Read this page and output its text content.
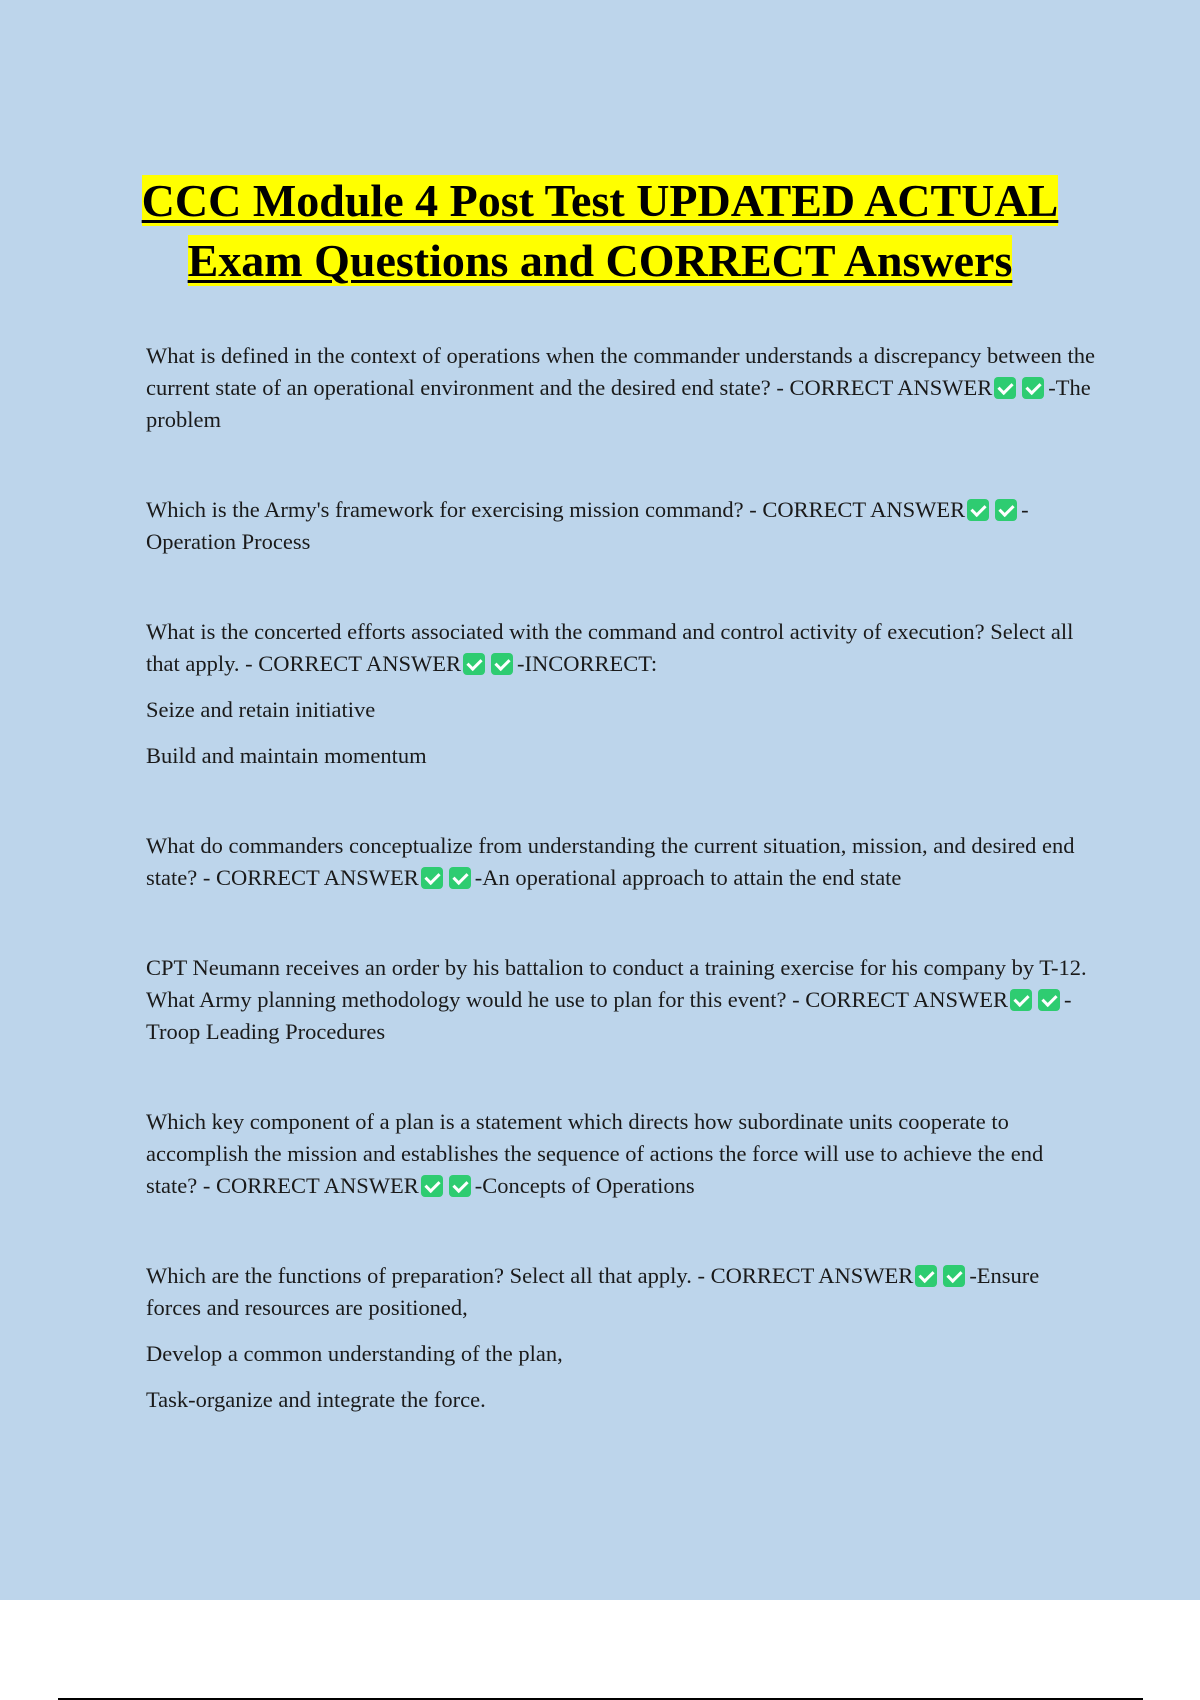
CCC Module 4 Post Test UPDATED ACTUAL Exam Questions and CORRECT Answers

What is defined in the context of operations when the commander understands a discrepancy between the current state of an operational environment and the desired end state? - CORRECT ANSWER -The problem

Which is the Army's framework for exercising mission command? - CORRECT ANSWER -Operation Process

What is the concerted efforts associated with the command and control activity of execution? Select all that apply. - CORRECT ANSWER -INCORRECT:

Seize and retain initiative

Build and maintain momentum

What do commanders conceptualize from understanding the current situation, mission, and desired end state? - CORRECT ANSWER -An operational approach to attain the end state

CPT Neumann receives an order by his battalion to conduct a training exercise for his company by T-12. What Army planning methodology would he use to plan for this event? - CORRECT ANSWER -Troop Leading Procedures

Which key component of a plan is a statement which directs how subordinate units cooperate to accomplish the mission and establishes the sequence of actions the force will use to achieve the end state? - CORRECT ANSWER -Concepts of Operations

Which are the functions of preparation? Select all that apply. - CORRECT ANSWER -Ensure forces and resources are positioned,

Develop a common understanding of the plan,

Task-organize and integrate the force.
